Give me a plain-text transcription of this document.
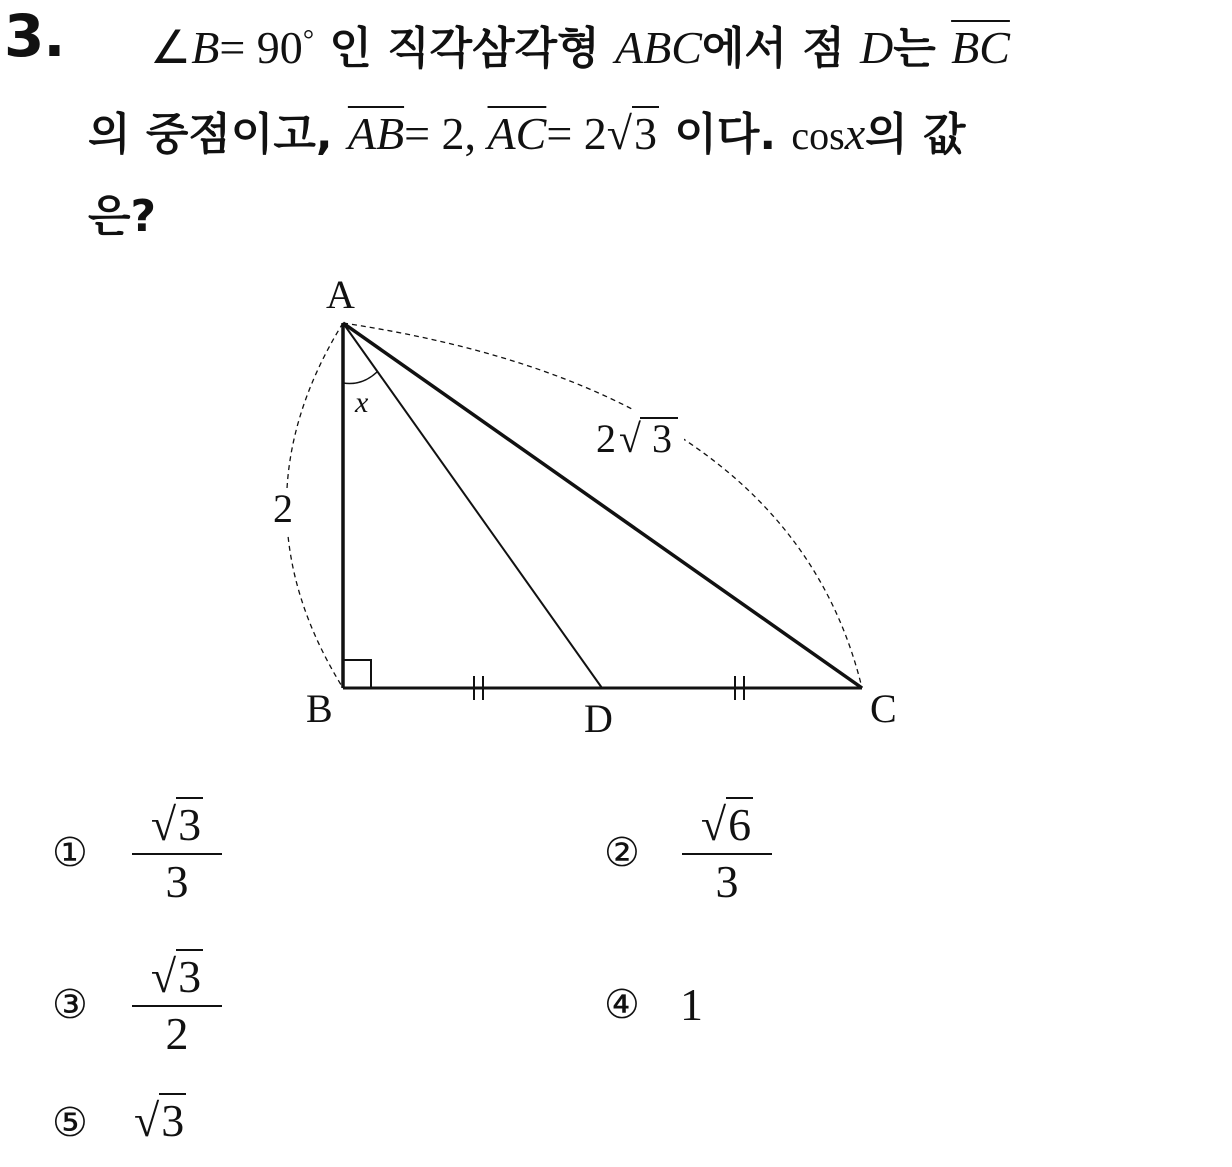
3. ∠B= 90° 인 직각삼각형 ABC에서 점 D는 $\overline{BC}$
의 중점이고, $\overline{AB}= 2$, $\overline{AC}= 2√3$ 이다. cosx의 값
은?
A
B	C
D
x
2
2 √ 3
①
√3
3
②
√6
3
③
√3
2
④ 1
⑤ √3
